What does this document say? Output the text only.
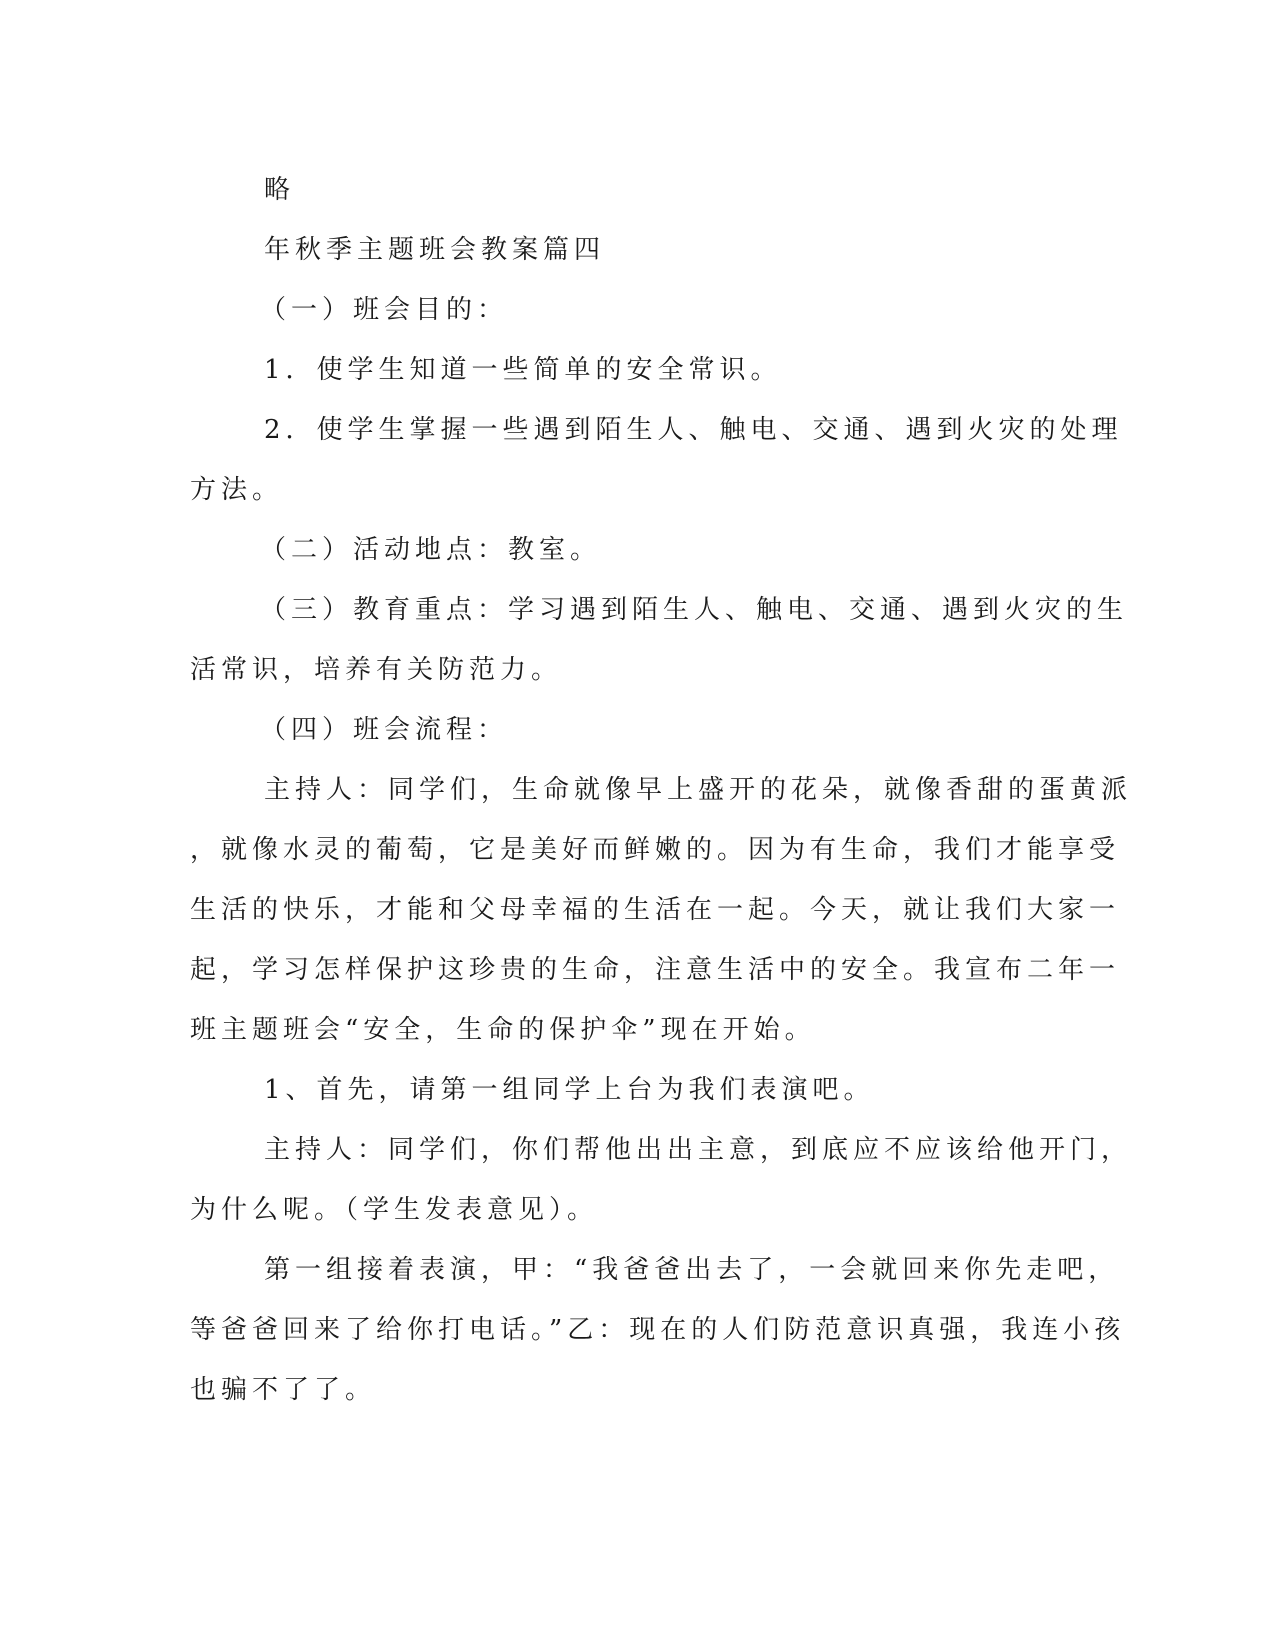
略
年秋季主题班会教案篇四
（一）班会目的：
1．使学生知道一些简单的安全常识。
2．使学生掌握一些遇到陌生人、触电、交通、遇到火灾的处理
方法。
（二）活动地点：教室。
（三）教育重点：学习遇到陌生人、触电、交通、遇到火灾的生
活常识，培养有关防范力。
（四）班会流程：
主持人：同学们，生命就像早上盛开的花朵，就像香甜的蛋黄派
，就像水灵的葡萄，它是美好而鲜嫩的。因为有生命，我们才能享受
生活的快乐，才能和父母幸福的生活在一起。今天，就让我们大家一
起，学习怎样保护这珍贵的生命，注意生活中的安全。我宣布二年一
班主题班会“安全，生命的保护伞”现在开始。
1、首先，请第一组同学上台为我们表演吧。
主持人：同学们，你们帮他出出主意，到底应不应该给他开门，
为什么呢。（学生发表意见）。
第一组接着表演，甲：“我爸爸出去了，一会就回来你先走吧，
等爸爸回来了给你打电话。”乙：现在的人们防范意识真强，我连小孩
也骗不了了。
